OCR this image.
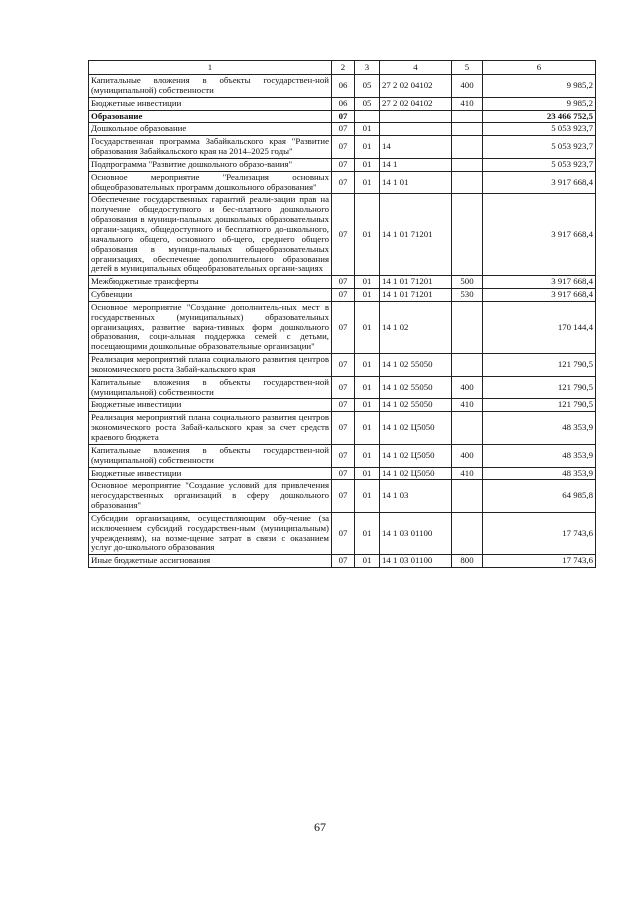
1	2	3	4	5	6
Капитальные вложения в объекты государствен-ной (муниципальной) собственности	06	05	27 2 02 04102	400	9 985,2
Бюджетные инвестиции	06	05	27 2 02 04102	410	9 985,2
Образование	07				23 466 752,5
Дошкольное образование	07	01			5 053 923,7
Государственная программа Забайкальского края "Развитие образования Забайкальского края на 2014–2025 годы"	07	01	14		5 053 923,7
Подпрограмма "Развитие дошкольного образо-вания"	07	01	14 1		5 053 923,7
Основное мероприятие "Реализация основных общеобразовательных программ дошкольного образования"	07	01	14 1 01		3 917 668,4
Обеспечение государственных гарантий реали-зации прав на получение общедоступного и бес-платного дошкольного образования в муници-пальных дошкольных образовательных органи-зациях, общедоступного и бесплатного до-школьного, начального общего, основного об-щего, среднего общего образования в муници-пальных общеобразовательных организациях, обеспечение дополнительного образования детей в муниципальных общеобразовательных органи-зациях	07	01	14 1 01 71201		3 917 668,4
Межбюджетные трансферты	07	01	14 1 01 71201	500	3 917 668,4
Субвенции	07	01	14 1 01 71201	530	3 917 668,4
Основное мероприятие "Создание дополнитель-ных мест в государственных (муниципальных) образовательных организациях, развитие вариа-тивных форм дошкольного образования, соци-альная поддержка семей с детьми, посещающими дошкольные образовательные организации"	07	01	14 1 02		170 144,4
Реализация мероприятий плана социального развития центров экономического роста Забай-кальского края	07	01	14 1 02 55050		121 790,5
Капитальные вложения в объекты государствен-ной (муниципальной) собственности	07	01	14 1 02 55050	400	121 790,5
Бюджетные инвестиции	07	01	14 1 02 55050	410	121 790,5
Реализация мероприятий плана социального развития центров экономического роста Забай-кальского края за счет средств краевого бюджета	07	01	14 1 02 Ц5050		48 353,9
Капитальные вложения в объекты государствен-ной (муниципальной) собственности	07	01	14 1 02 Ц5050	400	48 353,9
Бюджетные инвестиции	07	01	14 1 02 Ц5050	410	48 353,9
Основное мероприятие "Создание условий для привлечения негосударственных организаций в сферу дошкольного образования"	07	01	14 1 03		64 985,8
Субсидии организациям, осуществляющим обу-чение (за исключением субсидий государствен-ным (муниципальным) учреждениям), на возме-щение затрат в связи с оказанием услуг до-школьного образования	07	01	14 1 03 01100		17 743,6
Иные бюджетные ассигнования	07	01	14 1 03 01100	800	17 743,6
67
